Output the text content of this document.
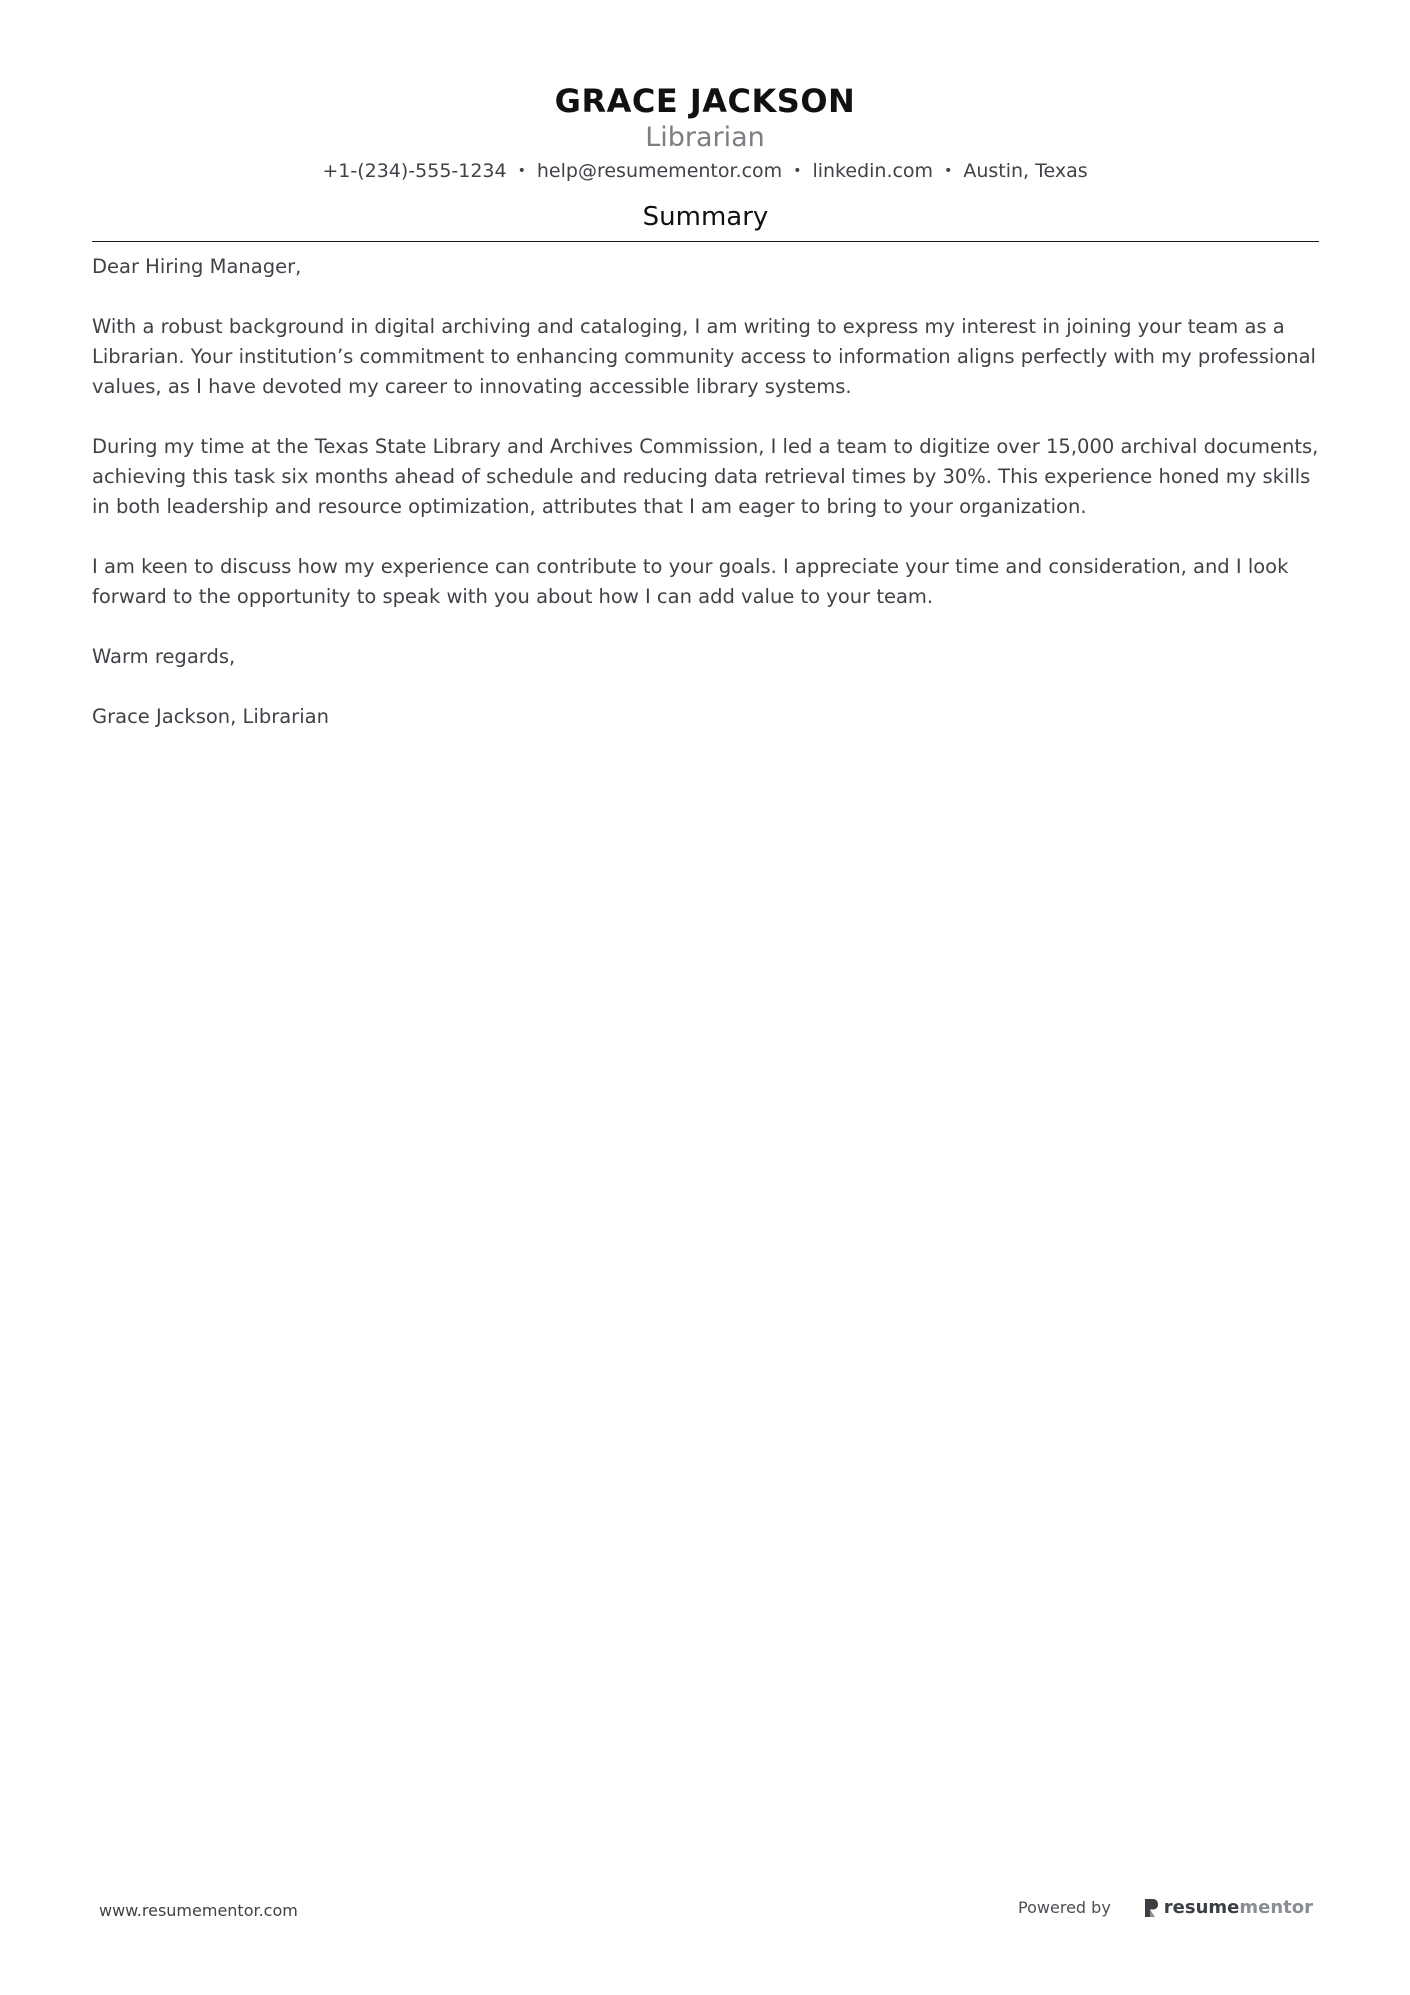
GRACE JACKSON
Librarian
+1-(234)-555-1234 • help@resumementor.com • linkedin.com • Austin, Texas
Summary

Dear Hiring Manager,

With a robust background in digital archiving and cataloging, I am writing to express my interest in joining your team as a Librarian. Your institution’s commitment to enhancing community access to information aligns perfectly with my professional values, as I have devoted my career to innovating accessible library systems.

During my time at the Texas State Library and Archives Commission, I led a team to digitize over 15,000 archival documents, achieving this task six months ahead of schedule and reducing data retrieval times by 30%. This experience honed my skills in both leadership and resource optimization, attributes that I am eager to bring to your organization.

I am keen to discuss how my experience can contribute to your goals. I appreciate your time and consideration, and I look forward to the opportunity to speak with you about how I can add value to your team.

Warm regards,

Grace Jackson, Librarian

www.resumementor.com	Powered by	resume mentor
